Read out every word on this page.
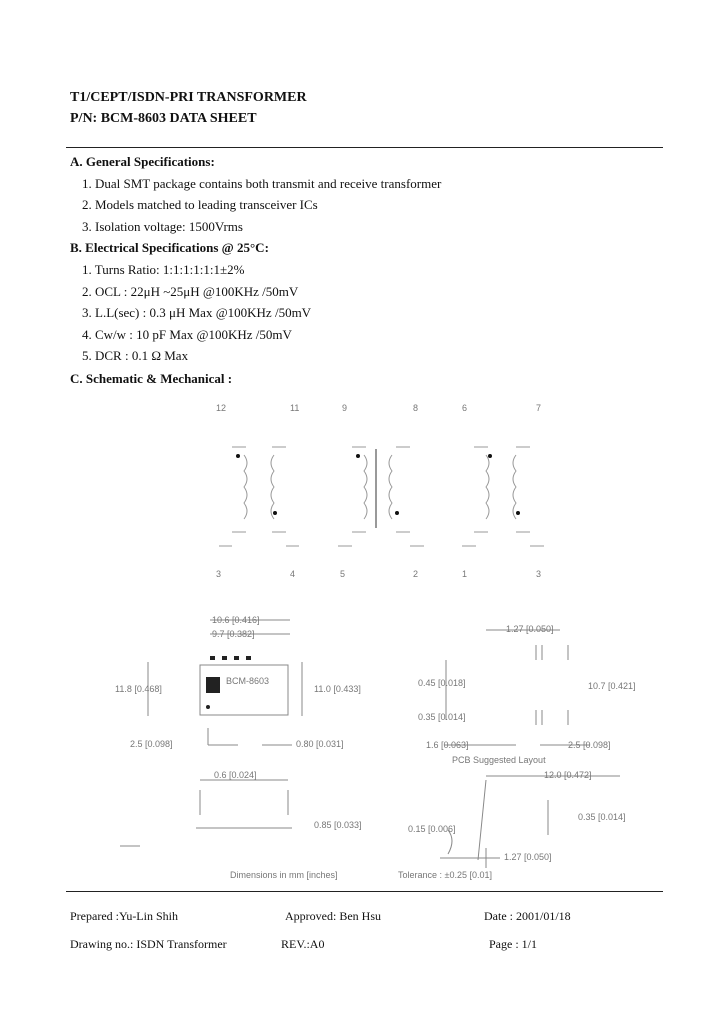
T1/CEPT/ISDN-PRI TRANSFORMER
P/N: BCM-8603 DATA SHEET
A. General Specifications:
1. Dual SMT package contains both transmit and receive transformer
2. Models matched to leading transceiver ICs
3. Isolation voltage: 1500Vrms
B. Electrical Specifications @ 25°C:
1. Turns Ratio: 1:1:1:1:1:1±2%
2. OCL : 22μH ~25μH @100KHz /50mV
3. L.L(sec) : 0.3 μH Max @100KHz /50mV
4. Cw/w : 10 pF Max @100KHz /50mV
5. DCR : 0.1 Ω Max
C. Schematic & Mechanical :
12	11	9	8	6	7
3	4	5	2	1	3
10.6 [0.416]
9.7 [0.382]
11.8 [0.468]	11.0 [0.433]
2.5 [0.098]	0.80 [0.031]
0.6 [0.024]
1.27 [0.050]
10.7 [0.421]
0.45 [0.018]
0.35 [0.014]
1.6 [0.063]	2.5 [0.098]
PCB Suggested Layout
12.0 [0.472]
0.35 [0.014]
0.85 [0.033]
1.27 [0.050]
0.15 [0.006]
Dimensions in mm [inches]	Tolerance : ±0.25 [0.01]
BCM-8603
Prepared :Yu-Lin Shih	Approved: Ben Hsu	Date : 2001/01/18
Drawing no.: ISDN Transformer	REV.:A0	Page : 1/1
